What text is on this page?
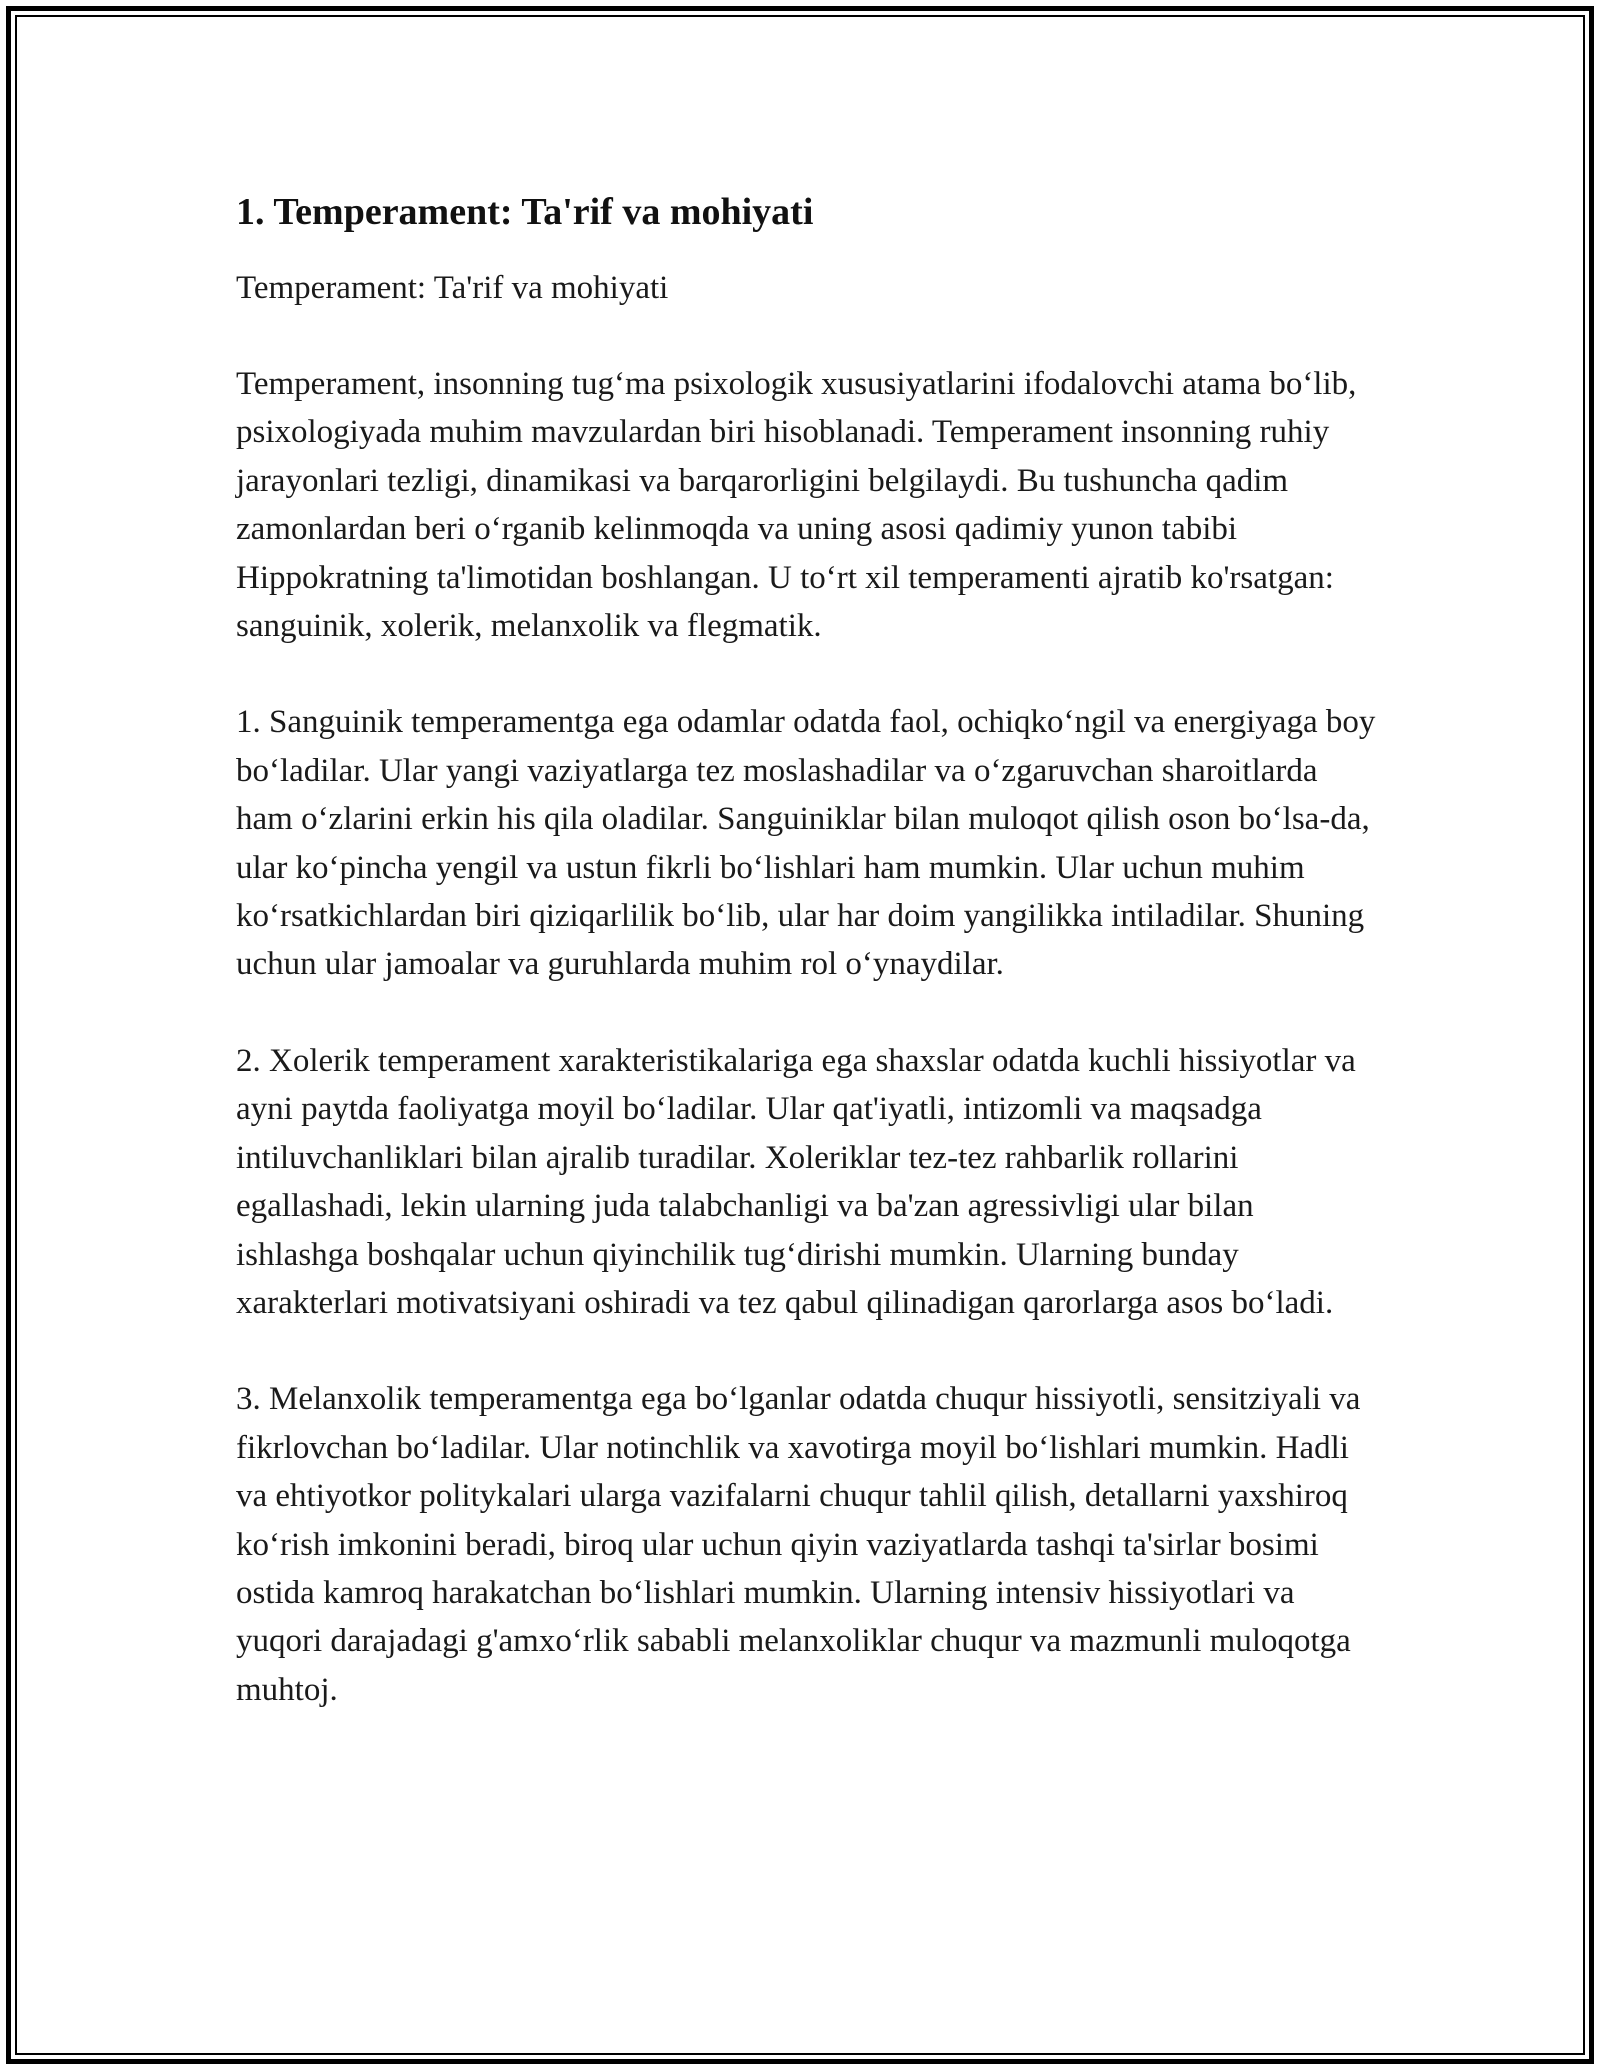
1. Temperament: Ta'rif va mohiyati

Temperament: Ta'rif va mohiyati

Temperament, insonning tug‘ma psixologik xususiyatlarini ifodalovchi atama bo‘lib, psixologiyada muhim mavzulardan biri hisoblanadi. Temperament insonning ruhiy jarayonlari tezligi, dinamikasi va barqarorligini belgilaydi. Bu tushuncha qadim zamonlardan beri o‘rganib kelinmoqda va uning asosi qadimiy yunon tabibi Hippokratning ta'limotidan boshlangan. U to‘rt xil temperamenti ajratib ko'rsatgan: sanguinik, xolerik, melanxolik va flegmatik.

1. Sanguinik temperamentga ega odamlar odatda faol, ochiqko‘ngil va energiyaga boy bo‘ladilar. Ular yangi vaziyatlarga tez moslashadilar va o‘zgaruvchan sharoitlarda ham o‘zlarini erkin his qila oladilar. Sanguiniklar bilan muloqot qilish oson bo‘lsa-da, ular ko‘pincha yengil va ustun fikrli bo‘lishlari ham mumkin. Ular uchun muhim ko‘rsatkichlardan biri qiziqarlilik bo‘lib, ular har doim yangilikka intiladilar. Shuning uchun ular jamoalar va guruhlarda muhim rol o‘ynaydilar.

2. Xolerik temperament xarakteristikalariga ega shaxslar odatda kuchli hissiyotlar va ayni paytda faoliyatga moyil bo‘ladilar. Ular qat'iyatli, intizomli va maqsadga intiluvchanliklari bilan ajralib turadilar. Xoleriklar tez-tez rahbarlik rollarini egallashadi, lekin ularning juda talabchanligi va ba'zan agressivligi ular bilan ishlashga boshqalar uchun qiyinchilik tug‘dirishi mumkin. Ularning bunday xarakterlari motivatsiyani oshiradi va tez qabul qilinadigan qarorlarga asos bo‘ladi.

3. Melanxolik temperamentga ega bo‘lganlar odatda chuqur hissiyotli, sensitziyali va fikrlovchan bo‘ladilar. Ular notinchlik va xavotirga moyil bo‘lishlari mumkin. Hadli va ehtiyotkor politykalari ularga vazifalarni chuqur tahlil qilish, detallarni yaxshiroq ko‘rish imkonini beradi, biroq ular uchun qiyin vaziyatlarda tashqi ta'sirlar bosimi ostida kamroq harakatchan bo‘lishlari mumkin. Ularning intensiv hissiyotlari va yuqori darajadagi g'amxo‘rlik sababli melanxoliklar chuqur va mazmunli muloqotga muhtoj.
